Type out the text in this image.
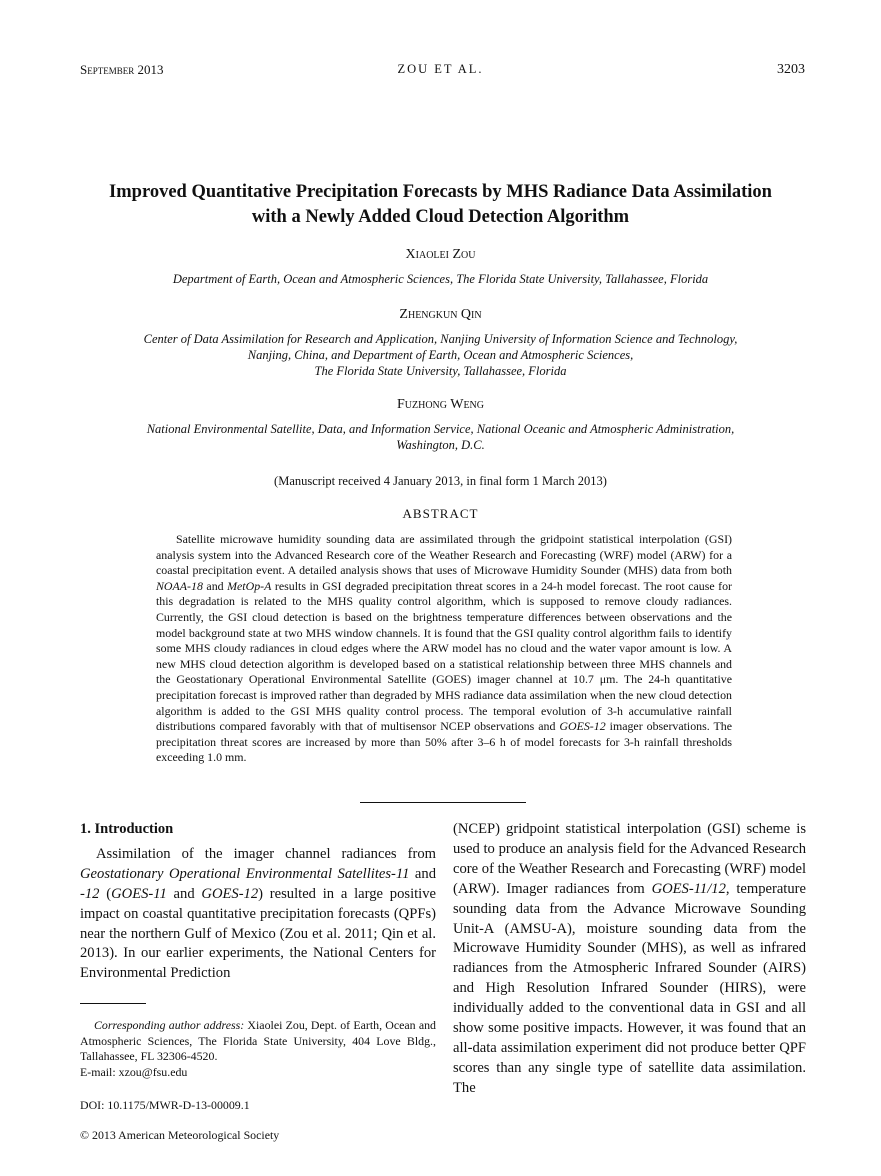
September 2013	ZOU ET AL.	3203
Improved Quantitative Precipitation Forecasts by MHS Radiance Data Assimilation
with a Newly Added Cloud Detection Algorithm
Xiaolei Zou
Department of Earth, Ocean and Atmospheric Sciences, The Florida State University, Tallahassee, Florida
Zhengkun Qin
Center of Data Assimilation for Research and Application, Nanjing University of Information Science and Technology,
Nanjing, China, and Department of Earth, Ocean and Atmospheric Sciences,
The Florida State University, Tallahassee, Florida
Fuzhong Weng
National Environmental Satellite, Data, and Information Service, National Oceanic and Atmospheric Administration,
Washington, D.C.
(Manuscript received 4 January 2013, in final form 1 March 2013)
ABSTRACT
Satellite microwave humidity sounding data are assimilated through the gridpoint statistical interpolation (GSI) analysis system into the Advanced Research core of the Weather Research and Forecasting (WRF) model (ARW) for a coastal precipitation event. A detailed analysis shows that uses of Microwave Humidity Sounder (MHS) data from both NOAA-18 and MetOp-A results in GSI degraded precipitation threat scores in a 24-h model forecast. The root cause for this degradation is related to the MHS quality control algorithm, which is supposed to remove cloudy radiances. Currently, the GSI cloud detection is based on the brightness temperature differences between observations and the model background state at two MHS window channels. It is found that the GSI quality control algorithm fails to identify some MHS cloudy radiances in cloud edges where the ARW model has no cloud and the water vapor amount is low. A new MHS cloud detection algorithm is developed based on a statistical relationship between three MHS channels and the Geostationary Operational Environmental Satellite (GOES) imager channel at 10.7 μm. The 24-h quantitative precipitation forecast is improved rather than degraded by MHS radiance data assimilation when the new cloud detection algorithm is added to the GSI MHS quality control process. The temporal evolution of 3-h accumulative rainfall distributions compared favorably with that of multisensor NCEP observations and GOES-12 imager observations. The precipitation threat scores are increased by more than 50% after 3–6 h of model forecasts for 3-h rainfall thresholds exceeding 1.0 mm.
1. Introduction
Assimilation of the imager channel radiances from Geostationary Operational Environmental Satellites-11 and -12 (GOES-11 and GOES-12) resulted in a large positive impact on coastal quantitative precipitation forecasts (QPFs) near the northern Gulf of Mexico (Zou et al. 2011; Qin et al. 2013). In our earlier experiments, the National Centers for Environmental Prediction
Corresponding author address: Xiaolei Zou, Dept. of Earth, Ocean and Atmospheric Sciences, The Florida State University, 404 Love Bldg., Tallahassee, FL 32306-4520.
E-mail: xzou@fsu.edu
DOI: 10.1175/MWR-D-13-00009.1
© 2013 American Meteorological Society
(NCEP) gridpoint statistical interpolation (GSI) scheme is used to produce an analysis field for the Advanced Research core of the Weather Research and Forecasting (WRF) model (ARW). Imager radiances from GOES-11/12, temperature sounding data from the Advance Microwave Sounding Unit-A (AMSU-A), moisture sounding data from the Microwave Humidity Sounder (MHS), as well as infrared radiances from the Atmospheric Infrared Sounder (AIRS) and High Resolution Infrared Sounder (HIRS), were individually added to the conventional data in GSI and all show some positive impacts. However, it was found that an all-data assimilation experiment did not produce better QPF scores than any single type of satellite data assimilation. The
